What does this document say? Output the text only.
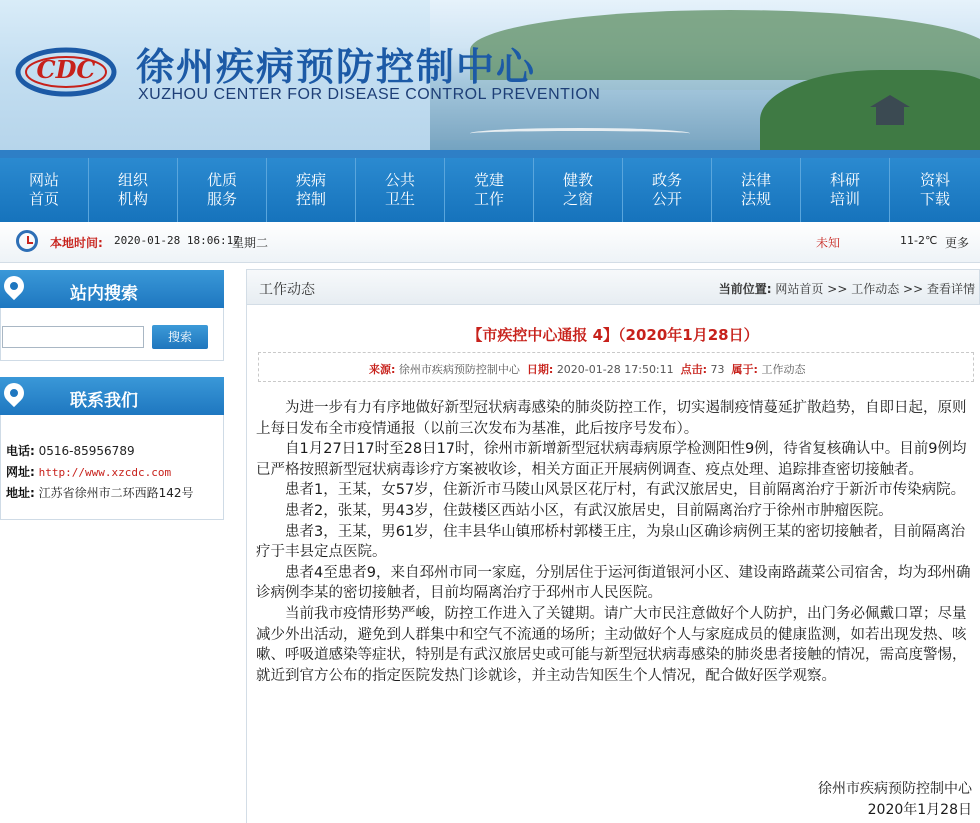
CDC 徐州疾病预防控制中心
XUZHOU CENTER FOR DISEASE CONTROL PREVENTION
网站首页
组织机构
优质服务
疾病控制
公共卫生
党建工作
健教之窗
政务公开
法律法规
科研培训
资料下载
本地时间: 2020-01-28 18:06:17
星期二	未知	11-2℃ 更多
站内搜索
搜索
联系我们
电话: 0516-85956789
网址: http://www.xzcdc.com
地址: 江苏省徐州市二环西路142号
工作动态	当前位置: 网站首页 >> 工作动态 >> 查看详情
【市疾控中心通报 4】（2020年1月28日）
来源: 徐州市疾病预防控制中心 日期: 2020-01-28 17:50:11 点击: 73 属于: 工作动态

为进一步有力有序地做好新型冠状病毒感染的肺炎防控工作，切实遏制疫情蔓延扩散趋势，自即日起，原则上每日发布全市疫情通报（以前三次发布为基准，此后按序号发布）。

自1月27日17时至28日17时，徐州市新增新型冠状病毒病原学检测阳性9例，待省复核确认中。目前9例均已严格按照新型冠状病毒诊疗方案被收诊，相关方面正开展病例调查、疫点处理、追踪排查密切接触者。

患者1，王某，女57岁，住新沂市马陵山风景区花厅村，有武汉旅居史，目前隔离治疗于新沂市传染病院。

患者2，张某，男43岁，住鼓楼区西站小区，有武汉旅居史，目前隔离治疗于徐州市肿瘤医院。

患者3，王某，男61岁，住丰县华山镇邢桥村郭楼王庄，为泉山区确诊病例王某的密切接触者，目前隔离治疗于丰县定点医院。

患者4至患者9，来自邳州市同一家庭，分别居住于运河街道银河小区、建设南路蔬菜公司宿舍，均为邳州确诊病例李某的密切接触者，目前均隔离治疗于邳州市人民医院。

当前我市疫情形势严峻，防控工作进入了关键期。请广大市民注意做好个人防护，出门务必佩戴口罩；尽量减少外出活动，避免到人群集中和空气不流通的场所；主动做好个人与家庭成员的健康监测，如若出现发热、咳嗽、呼吸道感染等症状，特别是有武汉旅居史或可能与新型冠状病毒感染的肺炎患者接触的情况，需高度警惕，就近到官方公布的指定医院发热门诊就诊，并主动告知医生个人情况，配合做好医学观察。

徐州市疾病预防控制中心
2020年1月28日
